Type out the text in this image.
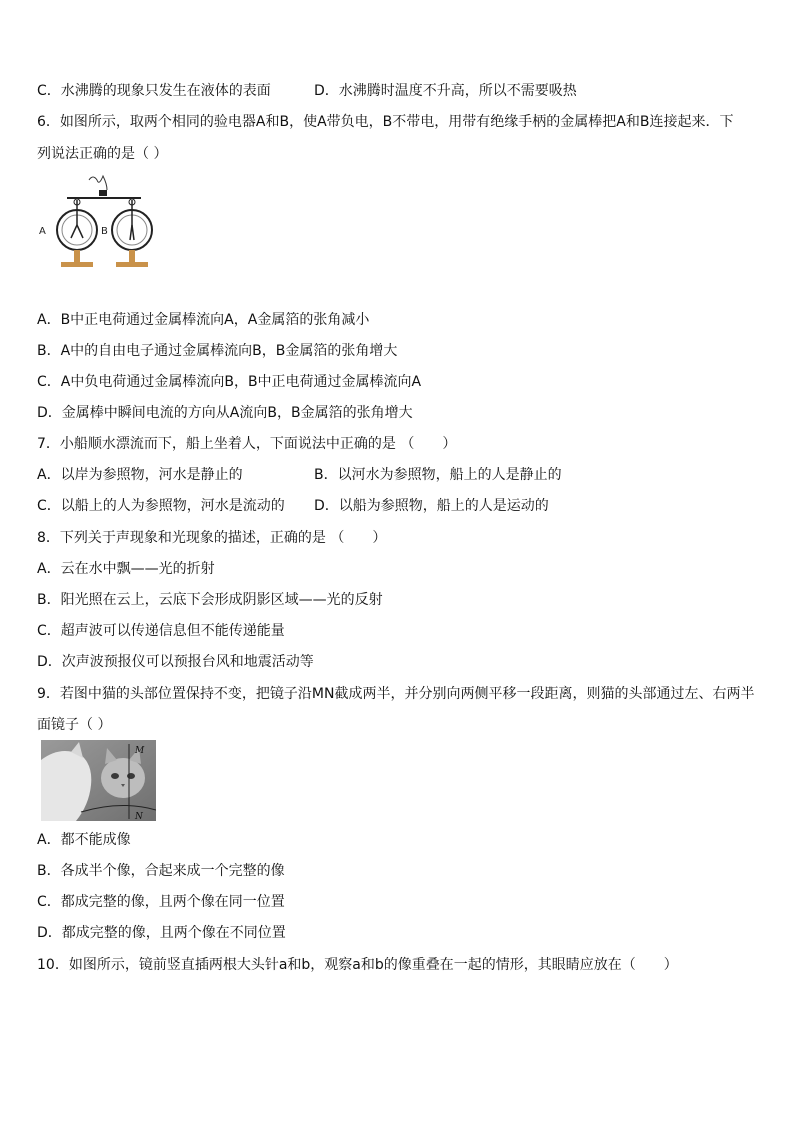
C．水沸腾的现象只发生在液体的表面	D．水沸腾时温度不升高，所以不需要吸热
6．如图所示，取两个相同的验电器A和B，使A带负电，B不带电，用带有绝缘手柄的金属棒把A和B连接起来．下
列说法正确的是（ ）
A	B
A．B中正电荷通过金属棒流向A，A金属箔的张角减小
B．A中的自由电子通过金属棒流向B，B金属箔的张角增大
C．A中负电荷通过金属棒流向B，B中正电荷通过金属棒流向A
D．金属棒中瞬间电流的方向从A流向B，B金属箔的张角增大
7．小船顺水漂流而下，船上坐着人，下面说法中正确的是 （　　）
A．以岸为参照物，河水是静止的	B．以河水为参照物，船上的人是静止的
C．以船上的人为参照物，河水是流动的 D．以船为参照物，船上的人是运动的
8．下列关于声现象和光现象的描述，正确的是 （　　）
A．云在水中飘——光的折射
B．阳光照在云上，云底下会形成阴影区域——光的反射
C．超声波可以传递信息但不能传递能量
D．次声波预报仪可以预报台风和地震活动等
9．若图中猫的头部位置保持不变，把镜子沿MN截成两半，并分别向两侧平移一段距离，则猫的头部通过左、右两半
面镜子（ ）
M
N
A．都不能成像
B．各成半个像，合起来成一个完整的像
C．都成完整的像，且两个像在同一位置
D．都成完整的像，且两个像在不同位置
10．如图所示，镜前竖直插两根大头针a和b，观察a和b的像重叠在一起的情形，其眼睛应放在（　　）
